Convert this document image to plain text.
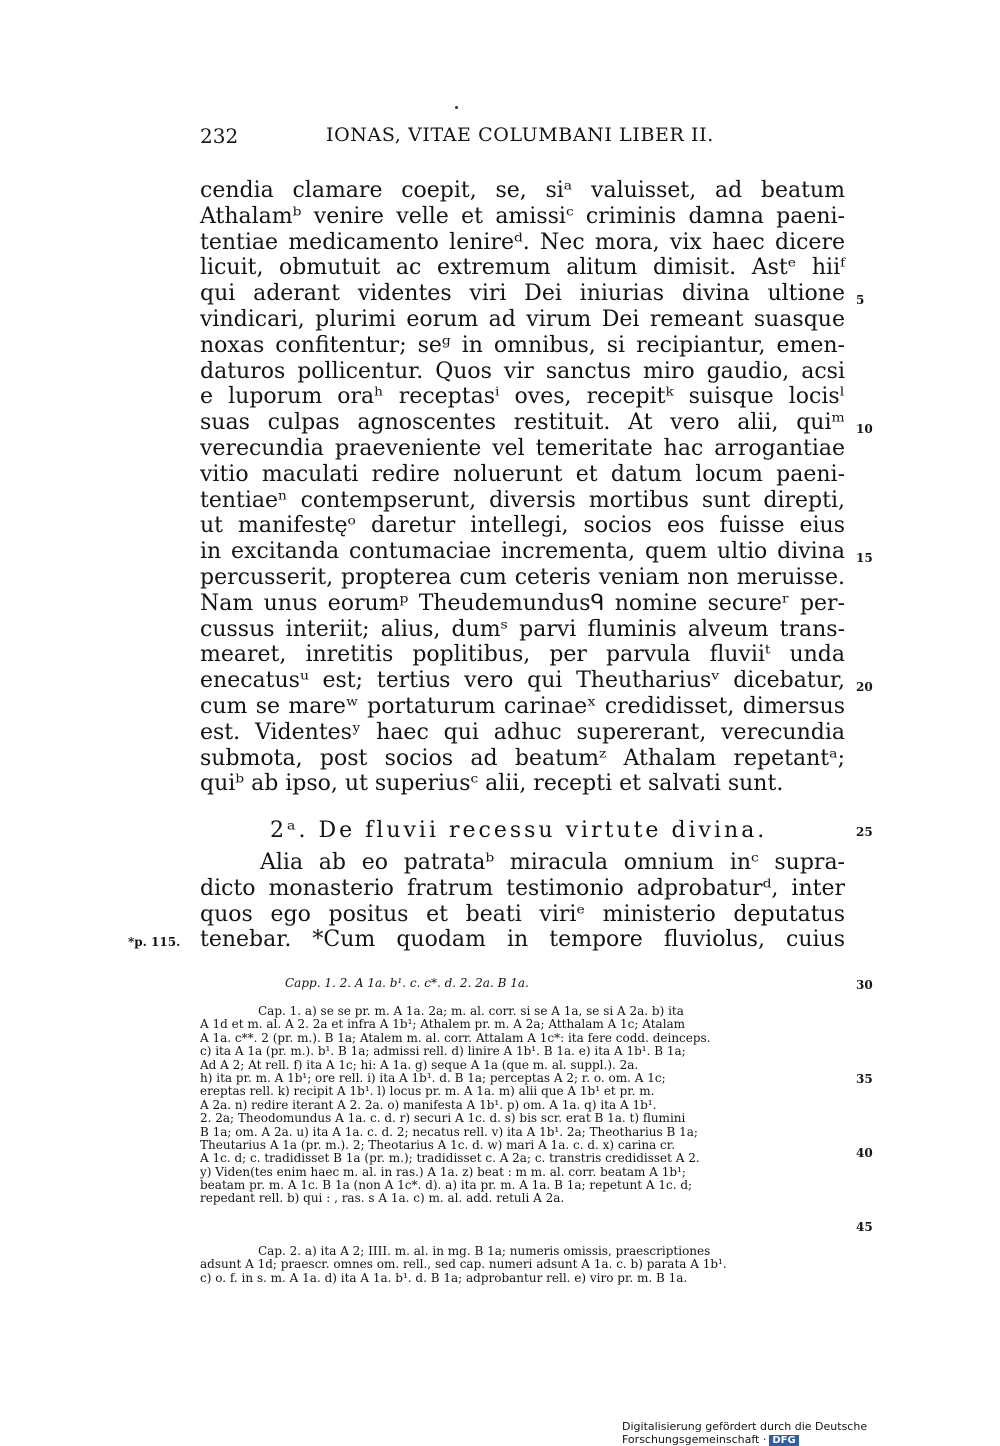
232	IONAS, VITAE COLUMBANI LIBER II.
cendia clamare coepit, se, siᵃ valuisset, ad beatum
Athalamᵇ venire velle et amissiᶜ criminis damna paeni-
tentiae medicamento lenireᵈ. Nec mora, vix haec dicere
licuit, obmutuit ac extremum alitum dimisit. Astᵉ hiiᶠ
qui aderant videntes viri Dei iniurias divina ultione
vindicari, plurimi eorum ad virum Dei remeant suasque
noxas confitentur; seᵍ in omnibus, si recipiantur, emen-
daturos pollicentur. Quos vir sanctus miro gaudio, acsi
e luporum oraʰ receptasⁱ oves, recepitᵏ suisque locisˡ
suas culpas agnoscentes restituit. At vero alii, quiᵐ
verecundia praeveniente vel temeritate hac arrogantiae
vitio maculati redire noluerunt et datum locum paeni-
tentiaeⁿ contempserunt, diversis mortibus sunt direpti,
ut manifestęᵒ daretur intellegi, socios eos fuisse eius
in excitanda contumaciae incrementa, quem ultio divina
percusserit, propterea cum ceteris veniam non meruisse.
Nam unus eorumᵖ Theudemundusᑫ nomine secureʳ per-
cussus interiit; alius, dumˢ parvi fluminis alveum trans-
mearet, inretitis poplitibus, per parvula fluviiᵗ unda
enecatusᵘ est; tertius vero qui Theuthariusᵛ dicebatur,
cum se mareʷ portaturum carinaeˣ credidisset, dimersus
est. Videntesʸ haec qui adhuc supererant, verecundia
submota, post socios ad beatumᶻ Athalam repetantᵃ;
quiᵇ ab ipso, ut superiusᶜ alii, recepti et salvati sunt.
5
10
15
20
2ᵃ. De fluvii recessu virtute divina.	25
Alia ab eo patrataᵇ miracula omnium inᶜ supra-
dicto monasterio fratrum testimonio adprobaturᵈ, inter
quos ego positus et beati viriᵉ ministerio deputatus
tenebar. *Cum quodam in tempore fluviolus, cuius
*p. 115.
Capp. 1. 2. A 1a. b¹. c. c*. d. 2. 2a. B 1a.	30
Cap. 1. a) se se pr. m. A 1a. 2a; m. al. corr. si se A 1a, se si A 2a. b) ita
A 1d et m. al. A 2. 2a et infra A 1b¹; Athalem pr. m. A 2a; Atthalam A 1c; Atalam
A 1a. c**. 2 (pr. m.). B 1a; Atalem m. al. corr. Attalam A 1c*: ita fere codd. deinceps.
c) ita A 1a (pr. m.). b¹. B 1a; admissi rell. d) linire A 1b¹. B 1a. e) ita A 1b¹. B 1a;
Ad A 2; At rell. f) ita A 1c; hi: A 1a. g) seque A 1a (que m. al. suppl.). 2a.
h) ita pr. m. A 1b¹; ore rell. i) ita A 1b¹. d. B 1a; perceptas A 2; r. o. om. A 1c;
ereptas rell. k) recipit A 1b¹. l) locus pr. m. A 1a. m) alii que A 1b¹ et pr. m.
A 2a. n) redire iterant A 2. 2a. o) manifesta A 1b¹. p) om. A 1a. q) ita A 1b¹.
2. 2a; Theodomundus A 1a. c. d. r) securi A 1c. d. s) bis scr. erat B 1a. t) flumini
B 1a; om. A 2a. u) ita A 1a. c. d. 2; necatus rell. v) ita A 1b¹. 2a; Theotharius B 1a;
Theutarius A 1a (pr. m.). 2; Theotarius A 1c. d. w) mari A 1a. c. d. x) carina cr.
A 1c. d; c. tradidisset B 1a (pr. m.); tradidisset c. A 2a; c. transtris credidisset A 2.
y) Viden(tes enim haec m. al. in ras.) A 1a. z) beat : m m. al. corr. beatam A 1b¹;
beatam pr. m. A 1c. B 1a (non A 1c*. d). a) ita pr. m. A 1a. B 1a; repetunt A 1c. d;
repedant rell. b) qui : , ras. s A 1a. c) m. al. add. retuli A 2a.
35
40
45
Cap. 2. a) ita A 2; IIII. m. al. in mg. B 1a; numeris omissis, praescriptiones
adsunt A 1d; praescr. omnes om. rell., sed cap. numeri adsunt A 1a. c. b) parata A 1b¹.
c) o. f. in s. m. A 1a. d) ita A 1a. b¹. d. B 1a; adprobantur rell. e) viro pr. m. B 1a.
Digitalisierung gefördert durch die Deutsche Forschungsgemeinschaft · DFG
